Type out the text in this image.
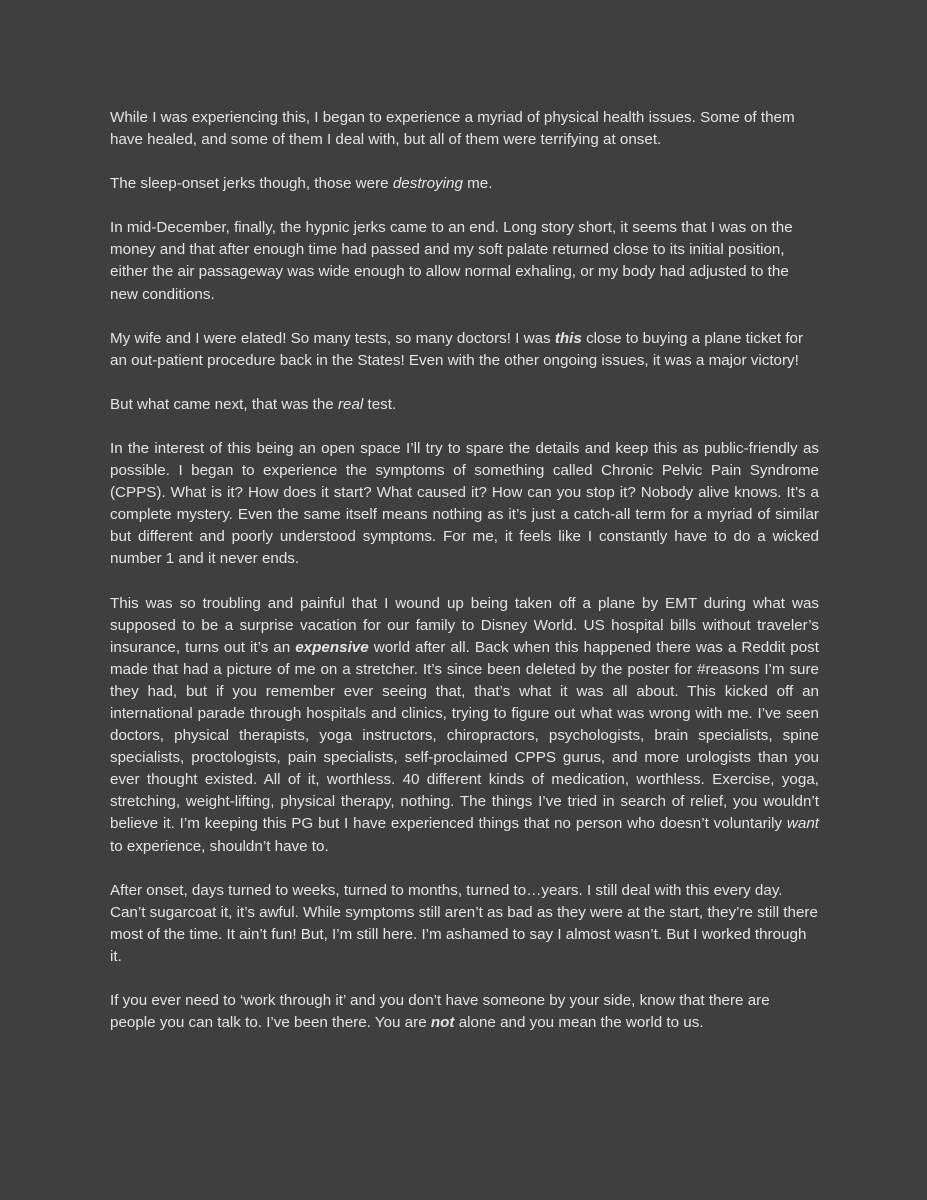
While I was experiencing this, I began to experience a myriad of physical health issues. Some of them have healed, and some of them I deal with, but all of them were terrifying at onset.

The sleep-onset jerks though, those were destroying me.

In mid-December, finally, the hypnic jerks came to an end. Long story short, it seems that I was on the money and that after enough time had passed and my soft palate returned close to its initial position, either the air passageway was wide enough to allow normal exhaling, or my body had adjusted to the new conditions.

My wife and I were elated! So many tests, so many doctors! I was this close to buying a plane ticket for an out-patient procedure back in the States! Even with the other ongoing issues, it was a major victory!

But what came next, that was the real test.

In the interest of this being an open space I’ll try to spare the details and keep this as public-friendly as possible. I began to experience the symptoms of something called Chronic Pelvic Pain Syndrome (CPPS). What is it? How does it start? What caused it? How can you stop it? Nobody alive knows. It’s a complete mystery. Even the same itself means nothing as it’s just a catch-all term for a myriad of similar but different and poorly understood symptoms. For me, it feels like I constantly have to do a wicked number 1 and it never ends.

This was so troubling and painful that I wound up being taken off a plane by EMT during what was supposed to be a surprise vacation for our family to Disney World. US hospital bills without traveler’s insurance, turns out it’s an expensive world after all. Back when this happened there was a Reddit post made that had a picture of me on a stretcher. It’s since been deleted by the poster for #reasons I’m sure they had, but if you remember ever seeing that, that’s what it was all about. This kicked off an international parade through hospitals and clinics, trying to figure out what was wrong with me. I’ve seen doctors, physical therapists, yoga instructors, chiropractors, psychologists, brain specialists, spine specialists, proctologists, pain specialists, self-proclaimed CPPS gurus, and more urologists than you ever thought existed. All of it, worthless. 40 different kinds of medication, worthless. Exercise, yoga, stretching, weight-lifting, physical therapy, nothing. The things I’ve tried in search of relief, you wouldn’t believe it. I’m keeping this PG but I have experienced things that no person who doesn’t voluntarily want to experience, shouldn’t have to.

After onset, days turned to weeks, turned to months, turned to…years. I still deal with this every day. Can’t sugarcoat it, it’s awful. While symptoms still aren’t as bad as they were at the start, they’re still there most of the time. It ain’t fun! But, I’m still here. I’m ashamed to say I almost wasn’t. But I worked through it.

If you ever need to ‘work through it’ and you don’t have someone by your side, know that there are people you can talk to. I’ve been there. You are not alone and you mean the world to us.
